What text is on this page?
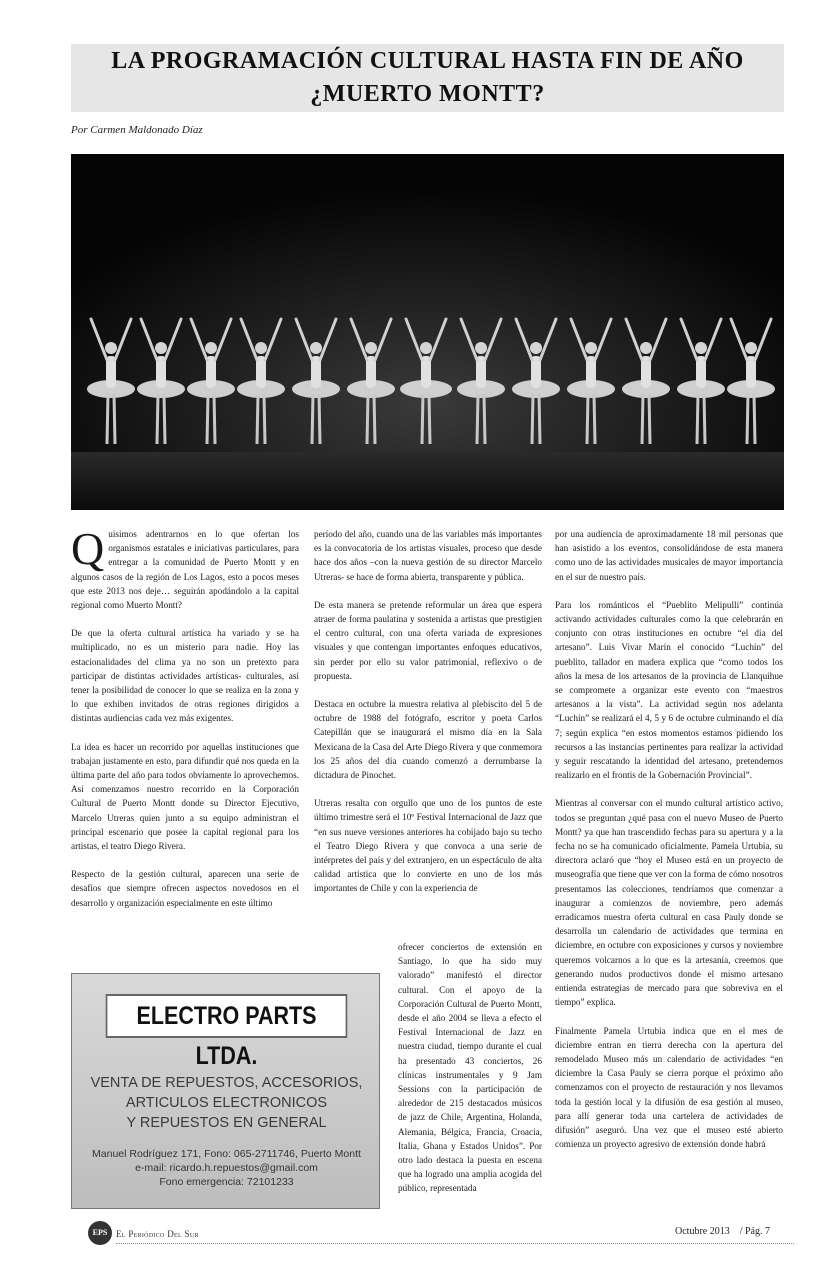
LA PROGRAMACIÓN CULTURAL HASTA FIN DE AÑO
¿MUERTO MONTT?
Por Carmen Maldonado Díaz

Quisimos adentrarnos en lo que ofertan los organismos estatales e iniciativas particulares, para entregar a la comunidad de Puerto Montt y en algunos casos de la región de Los Lagos, esto a pocos meses que este 2013 nos deje… seguirán apodándolo a la capital regional como Muerto Montt?

De que la oferta cultural artística ha variado y se ha multiplicado, no es un misterio para nadie. Hoy las estacionalidades del clima ya no son un pretexto para participar de distintas actividades artísticas- culturales, así tener la posibilidad de conocer lo que se realiza en la zona y lo que exhiben invitados de otras regiones dirigidos a distintas audiencias cada vez más exigentes.

La idea es hacer un recorrido por aquellas instituciones que trabajan justamente en esto, para difundir qué nos queda en la última parte del año para todos obviamente lo aprovechemos. Así comenzamos nuestro recorrido en la Corporación Cultural de Puerto Montt donde su Director Ejecutivo, Marcelo Utreras quien junto a su equipo administran el principal escenario que posee la capital regional para los artistas, el teatro Diego Rivera.

Respecto de la gestión cultural, aparecen una serie de desafíos que siempre ofrecen aspectos novedosos en el desarrollo y organización especialmente en este último

período del año, cuando una de las variables más importantes es la convocatoria de los artistas visuales, proceso que desde hace dos años –con la nueva gestión de su director Marcelo Utreras- se hace de forma abierta, transparente y pública.

De esta manera se pretende reformular un área que espera atraer de forma paulatina y sostenida a artistas que prestigien el centro cultural, con una oferta variada de expresiones visuales y que contengan importantes enfoques educativos, sin perder por ello su valor patrimonial, reflexivo o de propuesta.

Destaca en octubre la muestra relativa al plebiscito del 5 de octubre de 1988 del fotógrafo, escritor y poeta Carlos Catepillán que se inaugurará el mismo día en la Sala Mexicana de la Casa del Arte Diego Rivera y que conmemora los 25 años del día cuando comenzó a derrumbarse la dictadura de Pinochet.

Utreras resalta con orgullo que uno de los puntos de este último trimestre será el 10º Festival Internacional de Jazz que “en sus nueve versiones anteriores ha cobijado bajo su techo el Teatro Diego Rivera y que convoca a una serie de intérpretes del país y del extranjero, en un espectáculo de alta calidad artística que lo convierte en uno de los más importantes de Chile y con la experiencia de

ofrecer conciertos de extensión en Santiago, lo que ha sido muy valorado” manifestó el director cultural. Con el apoyo de la Corporación Cultural de Puerto Montt, desde el año 2004 se lleva a efecto el Festival Internacional de Jazz en nuestra ciudad, tiempo durante el cual ha presentado 43 conciertos, 26 clínicas instrumentales y 9 Jam Sessions con la participación de alrededor de 215 destacados músicos de jazz de Chile, Argentina, Holanda, Alemania, Bélgica, Francia, Croacia, Italia, Ghana y Estados Unidos”. Por otro lado destaca la puesta en escena que ha logrado una amplia acogida del público, representada

por una audiencia de aproximadamente 18 mil personas que han asistido a los eventos, consolidándose de esta manera como uno de las actividades musicales de mayor importancia en el sur de nuestro país.

Para los románticos el “Pueblito Melipulli” continúa activando actividades culturales como la que celebrarán en conjunto con otras instituciones en octubre “el día del artesano”. Luis Vivar Marín el conocido “Luchín” del pueblito, tallador en madera explica que “como todos los años la mesa de los artesanos de la provincia de Llanquihue se compromete a organizar este evento con “maestros artesanos a la vista”. La actividad según nos adelanta “Luchín” se realizará el 4, 5 y 6 de octubre culminando el día 7; según explica “en estos momentos estamos pidiendo los recursos a las instancias pertinentes para realizar la actividad y seguir rescatando la identidad del artesano, pretendemos realizarlo en el frontis de la Gobernación Provincial”.

Mientras al conversar con el mundo cultural artístico activo, todos se preguntan ¿qué pasa con el nuevo Museo de Puerto Montt? ya que han trascendido fechas para su apertura y a la fecha no se ha comunicado oficialmente. Pamela Urtubia, su directora aclaró que “hoy el Museo está en un proyecto de museografía que tiene que ver con la forma de cómo nosotros presentamos las colecciones, tendríamos que comenzar a inaugurar a comienzos de noviembre, pero además erradicamos nuestra oferta cultural en casa Pauly donde se desarrolla un calendario de actividades que termina en diciembre, en octubre con exposiciones y cursos y noviembre queremos volcarnos a lo que es la artesanía, creemos que generando nudos productivos donde el mismo artesano entienda estrategias de mercado para que sobreviva en el tiempo” explica.

Finalmente Pamela Urtubia indica que en el mes de diciembre entran en tierra derecha con la apertura del remodelado Museo más un calendario de actividades “en diciembre la Casa Pauly se cierra porque el próximo año comenzamos con el proyecto de restauración y nos llevamos toda la gestión local y la difusión de esa gestión al museo, para allí generar toda una cartelera de actividades de difusión” aseguró. Una vez que el museo esté abierto comienza un proyecto agresivo de extensión donde habrá

ELECTRO PARTS LTDA.
VENTA DE REPUESTOS, ACCESORIOS,
ARTICULOS ELECTRONICOS
Y REPUESTOS EN GENERAL
Manuel Rodríguez 171, Fono: 065-2711746, Puerto Montt
e-mail: ricardo.h.repuestos@gmail.com
Fono emergencia: 72101233
EPS El Periódico Del Sur	Octubre 2013    / Pág. 7
